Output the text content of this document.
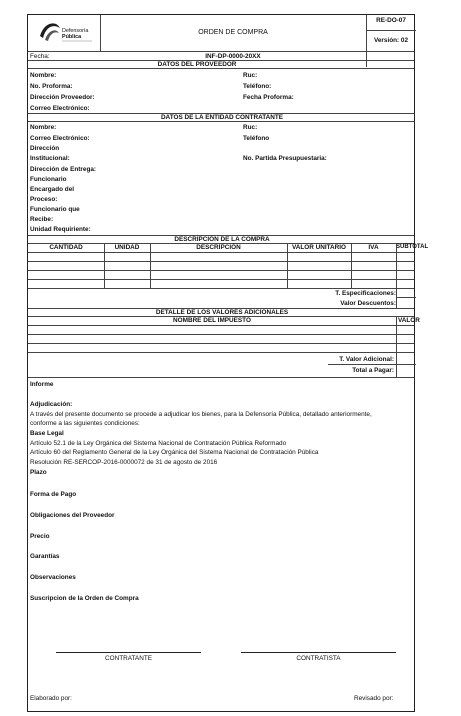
Defensoría
Pública
RE-DO-07
Versión: 02
ORDEN DE COMPRA
Fecha:	INF-DP-0000-20XX
DATOS DEL PROVEEDOR
Nombre:	Ruc:
No. Proforma:	Teléfono:
Dirección Proveedor:	Fecha Proforma:
Correo Electrónico:
DATOS DE LA ENTIDAD CONTRATANTE
Nombre:	Ruc:
Correo Electrónico:	Teléfono
Dirección
Institucional:	No. Partida Presupuestaria:
Dirección de Entrega:
Funcionario
Encargado del
Proceso:
Funcionario que
Recibe:
Unidad Requiriente:
DESCRIPCIÓN DE LA COMPRA
CANTIDAD	UNIDAD	DESCRIPCIÓN	VALOR UNITARIO	IVA	SUBTOTAL
T. Especificaciones:
Valor Descuentos:
DETALLE DE LOS VALORES ADICIONALES
NOMBRE DEL IMPUESTO	VALOR
T. Valor Adicional:
Total a Pagar:
Informe
Adjudicación:
A través del presente documento se procede a adjudicar los bienes, para la Defensoría Pública, detallado anteriormente,
conforme a las siguientes condiciones:
Base Legal
Artículo 52.1 de la Ley Orgánica del Sistema Nacional de Contratación Pública Reformado
Artículo 60 del Reglamento General de la Ley Orgánica del Sistema Nacional de Contratación Pública
Resolución RE-SERCOP-2016-0000072 de 31 de agosto de 2016
Plazo
Forma de Pago
Obligaciones del Proveedor
Precio
Garantías
Observaciones
Suscripcion de la Orden de Compra
CONTRATANTE	CONTRATISTA
Elaborado por:	Revisado por:
